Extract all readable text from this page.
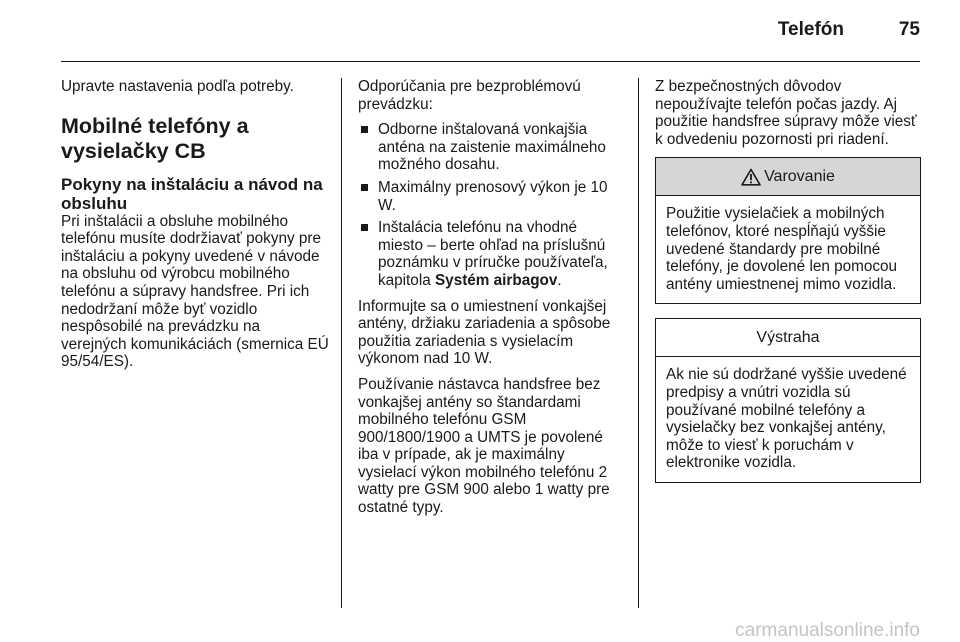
Telefón	75

Upravte nastavenia podľa potreby.

Mobilné telefóny a vysielačky CB
Pokyny na inštaláciu a návod na obsluhu

Pri inštalácii a obsluhe mobilného telefónu musíte dodržiavať pokyny pre inštaláciu a pokyny uvedené v návode na obsluhu od výrobcu mobilného telefónu a súpravy handsfree. Pri ich nedodržaní môže byť vozidlo nespôsobilé na prevádzku na verejných komunikáciách (smernica EÚ 95/54/ES).

Odporúčania pre bezproblémovú prevádzku:

Odborne inštalovaná vonkajšia anténa na zaistenie maximálneho možného dosahu.
Maximálny prenosový výkon je 10 W.
Inštalácia telefónu na vhodné miesto – berte ohľad na príslušnú poznámku v príručke používateľa, kapitola Systém airbagov.

Informujte sa o umiestnení vonkajšej antény, držiaku zariadenia a spôsobe použitia zariadenia s vysielacím výkonom nad 10 W.

Používanie nástavca handsfree bez vonkajšej antény so štandardami mobilného telefónu GSM 900/1800/1900 a UMTS je povolené iba v prípade, ak je maximálny vysielací výkon mobilného telefónu 2 watty pre GSM 900 alebo 1 watty pre ostatné typy.

Z bezpečnostných dôvodov nepoužívajte telefón počas jazdy. Aj použitie handsfree súpravy môže viesť k odvedeniu pozornosti pri riadení.

Varovanie
Použitie vysielačiek a mobilných telefónov, ktoré nespĺňajú vyššie uvedené štandardy pre mobilné telefóny, je dovolené len pomocou antény umiestnenej mimo vozidla.
Výstraha
Ak nie sú dodržané vyššie uvedené predpisy a vnútri vozidla sú používané mobilné telefóny a vysielačky bez vonkajšej antény, môže to viesť k poruchám v elektronike vozidla.
carmanualsonline.info
